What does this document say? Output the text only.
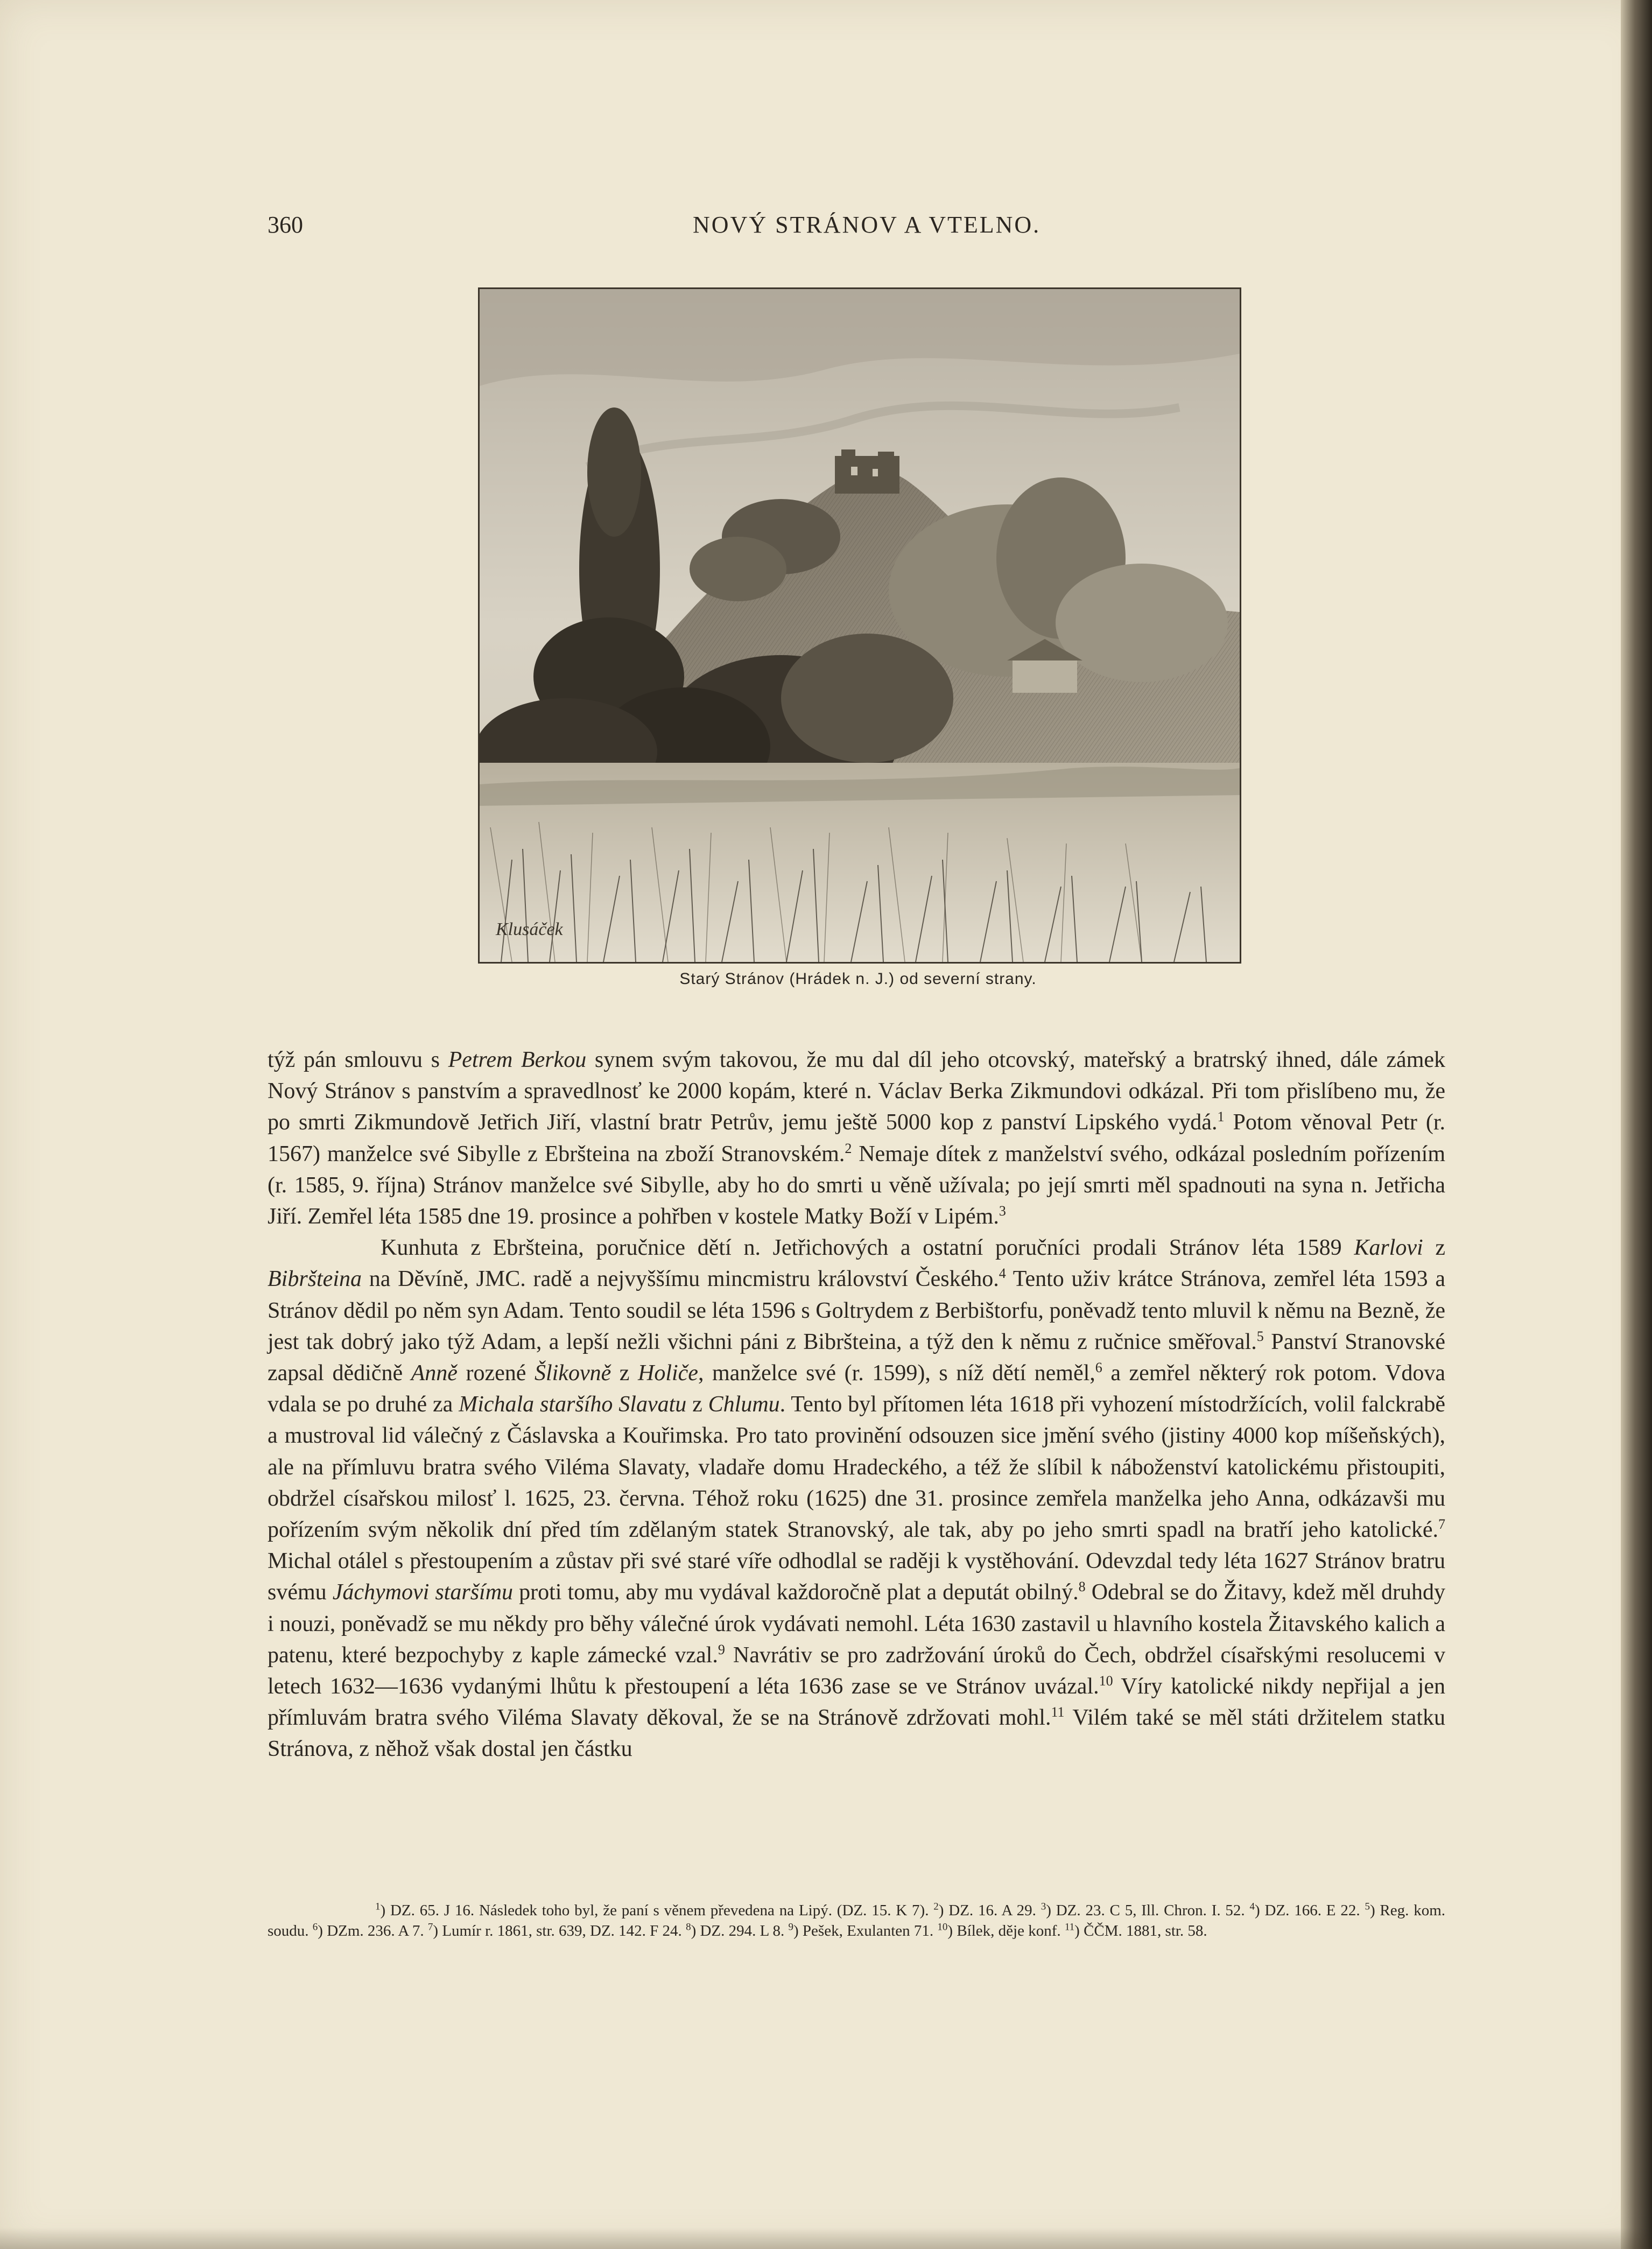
360	NOVÝ STRÁNOV A VTELNO.
Klusáček
Starý Stránov (Hrádek n. J.) od severní strany.

týž pán smlouvu s Petrem Berkou synem svým takovou, že mu dal díl jeho otcovský, mateřský a bratrský ihned, dále zámek Nový Stránov s panstvím a spravedlnosť ke 2000 kopám, které n. Václav Berka Zikmundovi odkázal. Při tom přislíbeno mu, že po smrti Zikmundově Jetřich Jiří, vlastní bratr Petrův, jemu ještě 5000 kop z panství Lipského vydá.$^1$ Potom věnoval Petr (r. 1567) manželce své Sibylle z Ebršteina na zboží Stranovském.$^2$ Nemaje dítek z manželství svého, odkázal posledním pořízením (r. 1585, 9. října) Stránov manželce své Sibylle, aby ho do smrti u věně užívala; po její smrti měl spadnouti na syna n. Jetřicha Jiří. Zemřel léta 1585 dne 19. prosince a pohřben v kostele Matky Boží v Lipém.$^3$

Kunhuta z Ebršteina, poručnice dětí n. Jetřichových a ostatní poručníci prodali Stránov léta 1589 Karlovi z Bibršteina na Děvíně, JMC. radě a nejvyššímu mincmistru království Českého.$^4$ Tento uživ krátce Stránova, zemřel léta 1593 a Stránov dědil po něm syn Adam. Tento soudil se léta 1596 s Goltrydem z Berbištorfu, poněvadž tento mluvil k němu na Bezně, že jest tak dobrý jako týž Adam, a lepší nežli všichni páni z Bibršteina, a týž den k němu z ručnice směřoval.$^5$ Panství Stranovské zapsal dědičně Anně rozené Šlikovně z Holiče, manželce své (r. 1599), s níž dětí neměl,$^6$ a zemřel některý rok potom. Vdova vdala se po druhé za Michala staršího Slavatu z Chlumu. Tento byl přítomen léta 1618 při vyhození místodržících, volil falckrabě a mustroval lid válečný z Čáslavska a Kouřimska. Pro tato provinění odsouzen sice jmění svého (jistiny 4000 kop míšeňských), ale na přímluvu bratra svého Viléma Slavaty, vladaře domu Hradeckého, a též že slíbil k náboženství katolickému přistoupiti, obdržel císařskou milosť l. 1625, 23. června. Téhož roku (1625) dne 31. prosince zemřela manželka jeho Anna, odkázavši mu pořízením svým několik dní před tím zdělaným statek Stranovský, ale tak, aby po jeho smrti spadl na bratří jeho katolické.$^7$ Michal otálel s přestoupením a zůstav při své staré víře odhodlal se raději k vystěhování. Odevzdal tedy léta 1627 Stránov bratru svému Jáchymovi staršímu proti tomu, aby mu vydával každoročně plat a deputát obilný.$^8$ Odebral se do Žitavy, kdež měl druhdy i nouzi, poněvadž se mu někdy pro běhy válečné úrok vydávati nemohl. Léta 1630 zastavil u hlavního kostela Žitavského kalich a patenu, které bezpochyby z kaple zámecké vzal.$^9$ Navrátiv se pro zadržování úroků do Čech, obdržel císařskými resolucemi v letech 1632—1636 vydanými lhůtu k přestoupení a léta 1636 zase se ve Stránov uvázal.$^{10}$ Víry katolické nikdy nepřijal a jen přímluvám bratra svého Viléma Slavaty děkoval, že se na Stránově zdržovati mohl.$^{11}$ Vilém také se měl státi držitelem statku Stránova, z něhož však dostal jen částku

$^1$) DZ. 65. J 16. Následek toho byl, že paní s věnem převedena na Lipý. (DZ. 15. K 7). $^2$) DZ. 16. A 29. $^3$) DZ. 23. C 5, Ill. Chron. I. 52. $^4$) DZ. 166. E 22. $^5$) Reg. kom. soudu. $^6$) DZm. 236. A 7. $^7$) Lumír r. 1861, str. 639, DZ. 142. F 24. $^8$) DZ. 294. L 8. $^9$) Pešek, Exulanten 71. $^{10}$) Bílek, děje konf. $^{11}$) ČČM. 1881, str. 58.
